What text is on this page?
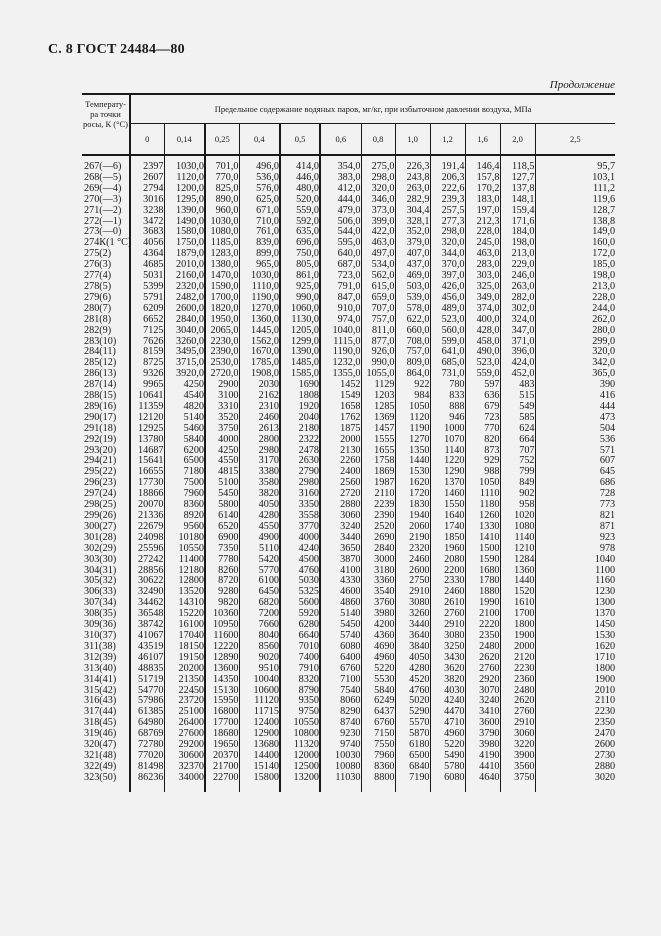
С. 8 ГОСТ 24484—80
Продолжение
Температу-ра точки росы, К (°С)	Предельное содержание водяных паров, мг/кг, при избыточном давлении воздуха, МПа											
	0	0,14	0,25	0,4	0,5	0,6	0,8	1,0	1,2	1,6	2,0	2,5
267(—6)	2397	1030,0	701,0	496,0	414,0	354,0	275,0	226,3	191,4	146,4	118,5	95,7
268(—5)	2607	1120,0	770,0	536,0	446,0	383,0	298,0	243,8	206,3	157,8	127,7	103,1
269(—4)	2794	1200,0	825,0	576,0	480,0	412,0	320,0	263,0	222,6	170,2	137,8	111,2
270(—3)	3016	1295,0	890,0	625,0	520,0	444,0	346,0	282,9	239,3	183,0	148,1	119,6
271(—2)	3238	1390,0	960,0	671,0	559,0	479,0	373,0	304,4	257,5	197,0	159,4	128,7
272(—1)	3472	1490,0	1030,0	710,0	592,0	506,0	399,0	328,1	277,3	212,3	171,6	138,8
273(—0)	3683	1580,0	1080,0	761,0	635,0	544,0	422,0	352,0	298,0	228,0	184,0	149,0
274К(1 °С)	4056	1750,0	1185,0	839,0	696,0	595,0	463,0	379,0	320,0	245,0	198,0	160,0
275(2)	4364	1879,0	1283,0	899,0	750,0	640,0	497,0	407,0	344,0	463,0	213,0	172,0
276(3)	4685	2010,0	1380,0	965,0	805,0	687,0	534,0	437,0	370,0	283,0	229,0	185,0
277(4)	5031	2160,0	1470,0	1030,0	861,0	723,0	562,0	469,0	397,0	303,0	246,0	198,0
278(5)	5399	2320,0	1590,0	1110,0	925,0	791,0	615,0	503,0	426,0	325,0	263,0	213,0
279(6)	5791	2482,0	1700,0	1190,0	990,0	847,0	659,0	539,0	456,0	349,0	282,0	228,0
280(7)	6209	2600,0	1820,0	1270,0	1060,0	910,0	707,0	578,0	489,0	374,0	302,0	244,0
281(8)	6652	2840,0	1950,0	1360,0	1130,0	974,0	757,0	622,0	523,0	400,0	324,0	262,0
282(9)	7125	3040,0	2065,0	1445,0	1205,0	1040,0	811,0	660,0	560,0	428,0	347,0	280,0
283(10)	7626	3260,0	2230,0	1562,0	1299,0	1115,0	877,0	708,0	599,0	458,0	371,0	299,0
284(11)	8159	3495,0	2390,0	1670,0	1390,0	1190,0	926,0	757,0	641,0	490,0	396,0	320,0
285(12)	8725	3715,0	2530,0	1785,0	1485,0	1232,0	990,0	809,0	685,0	523,0	424,0	342,0
286(13)	9326	3920,0	2720,0	1908,0	1585,0	1355,0	1055,0	864,0	731,0	559,0	452,0	365,0
287(14)	9965	4250	2900	2030	1690	1452	1129	922	780	597	483	390
288(15)	10641	4540	3100	2162	1808	1549	1203	984	833	636	515	416
289(16)	11359	4820	3310	2310	1920	1658	1285	1050	888	679	549	444
290(17)	12120	5140	3520	2460	2040	1762	1369	1120	946	723	585	473
291(18)	12925	5460	3750	2613	2180	1875	1457	1190	1000	770	624	504
292(19)	13780	5840	4000	2800	2322	2000	1555	1270	1070	820	664	536
293(20)	14687	6200	4250	2980	2478	2130	1655	1350	1140	873	707	571
294(21)	15641	6500	4550	3170	2630	2260	1758	1440	1220	929	752	607
295(22)	16655	7180	4815	3380	2790	2400	1869	1530	1290	988	799	645
296(23)	17730	7500	5100	3580	2980	2560	1987	1620	1370	1050	849	686
297(24)	18866	7960	5450	3820	3160	2720	2110	1720	1460	1110	902	728
298(25)	20070	8360	5800	4050	3350	2880	2239	1830	1550	1180	958	773
299(26)	21336	8920	6140	4280	3558	3060	2390	1940	1640	1260	1020	821
300(27)	22679	9560	6520	4550	3770	3240	2520	2060	1740	1330	1080	871
301(28)	24098	10180	6900	4900	4000	3440	2690	2190	1850	1410	1140	923
302(29)	25596	10550	7350	5110	4240	3650	2840	2320	1960	1500	1210	978
303(30)	27242	11400	7780	5420	4500	3870	3000	2460	2080	1590	1284	1040
304(31)	28856	12180	8260	5770	4760	4100	3180	2600	2200	1680	1360	1100
305(32)	30622	12800	8720	6100	5030	4330	3360	2750	2330	1780	1440	1160
306(33)	32490	13520	9280	6450	5325	4600	3540	2910	2460	1880	1520	1230
307(34)	34462	14310	9820	6820	5600	4860	3760	3080	2610	1990	1610	1300
308(35)	36548	15220	10360	7200	5920	5140	3980	3260	2760	2100	1700	1370
309(36)	38742	16100	10950	7660	6280	5450	4200	3440	2910	2220	1800	1450
310(37)	41067	17040	11600	8040	6640	5740	4360	3640	3080	2350	1900	1530
311(38)	43519	18150	12220	8560	7010	6080	4690	3840	3250	2480	2000	1620
312(39)	46107	19150	12890	9020	7400	6400	4960	4050	3430	2620	2120	1710
313(40)	48835	20200	13600	9510	7910	6760	5220	4280	3620	2760	2230	1800
314(41)	51719	21350	14350	10040	8320	7100	5530	4520	3820	2920	2360	1900
315(42)	54770	22450	15130	10600	8790	7540	5840	4760	4030	3070	2480	2010
316(43)	57986	23720	15950	11120	9350	8060	6249	5020	4240	3240	2620	2110
317(44)	61385	25100	16800	11715	9750	8290	6437	5290	4470	3410	2760	2230
318(45)	64980	26400	17700	12400	10550	8740	6760	5570	4710	3600	2910	2350
319(46)	68769	27600	18680	12900	10800	9230	7150	5870	4960	3790	3060	2470
320(47)	72780	29200	19650	13680	11320	9740	7550	6180	5220	3980	3220	2600
321(48)	77020	30600	20370	14400	12000	10030	7960	6500	5490	4190	3900	2730
322(49)	81498	32370	21700	15140	12500	10080	8360	6840	5780	4410	3560	2880
323(50)	86236	34000	22700	15800	13200	11030	8800	7190	6080	4640	3750	3020
